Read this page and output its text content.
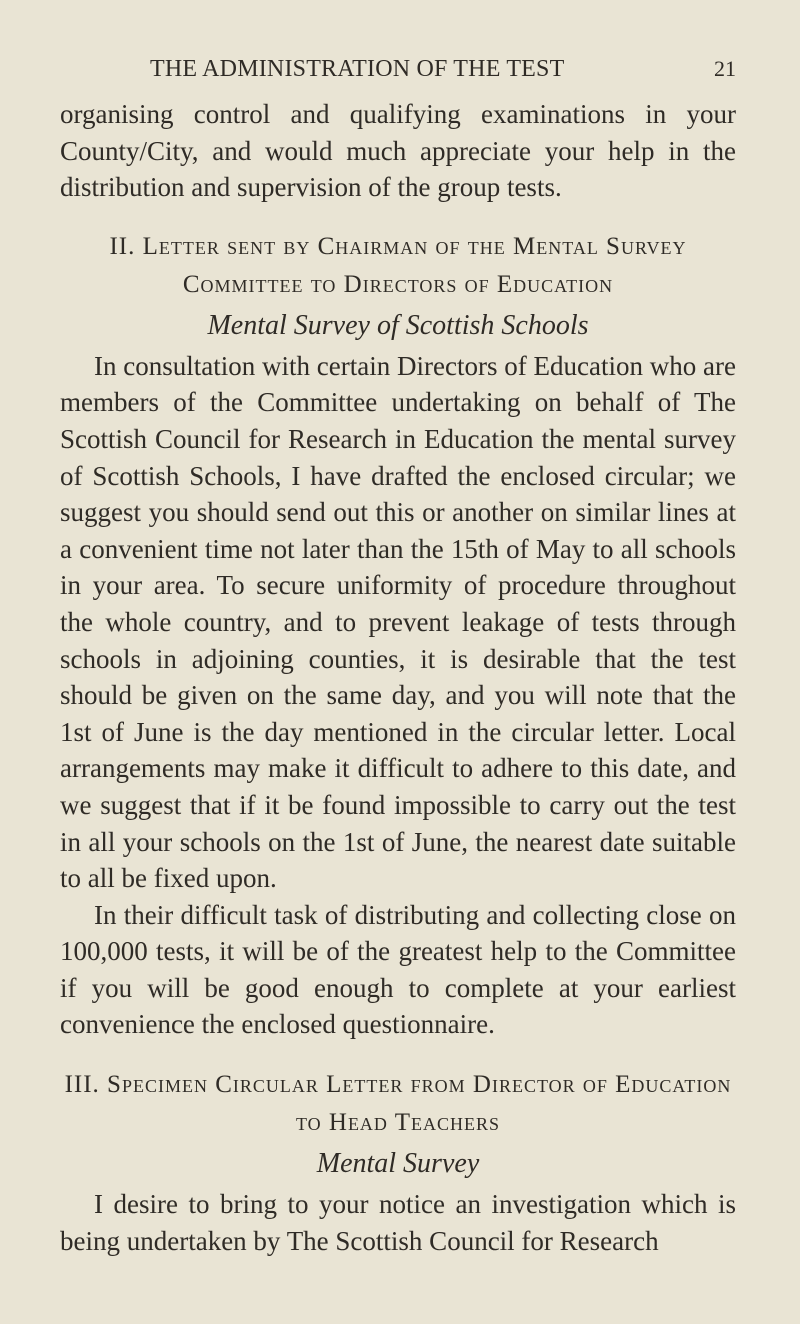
THE ADMINISTRATION OF THE TEST	21

organising control and qualifying examinations in your County/City, and would much appreciate your help in the distribution and supervision of the group tests.

II. Letter sent by Chairman of the Mental Survey Committee to Directors of Education
Mental Survey of Scottish Schools

In consultation with certain Directors of Education who are members of the Committee undertaking on behalf of The Scottish Council for Research in Education the mental survey of Scottish Schools, I have drafted the enclosed circular; we suggest you should send out this or another on similar lines at a convenient time not later than the 15th of May to all schools in your area. To secure uniformity of procedure throughout the whole country, and to prevent leakage of tests through schools in adjoining counties, it is desirable that the test should be given on the same day, and you will note that the 1st of June is the day mentioned in the circular letter. Local arrangements may make it difficult to adhere to this date, and we suggest that if it be found impossible to carry out the test in all your schools on the 1st of June, the nearest date suitable to all be fixed upon.

In their difficult task of distributing and collecting close on 100,000 tests, it will be of the greatest help to the Committee if you will be good enough to complete at your earliest convenience the enclosed questionnaire.

III. Specimen Circular Letter from Director of Education to Head Teachers
Mental Survey

I desire to bring to your notice an investigation which is being undertaken by The Scottish Council for Research
